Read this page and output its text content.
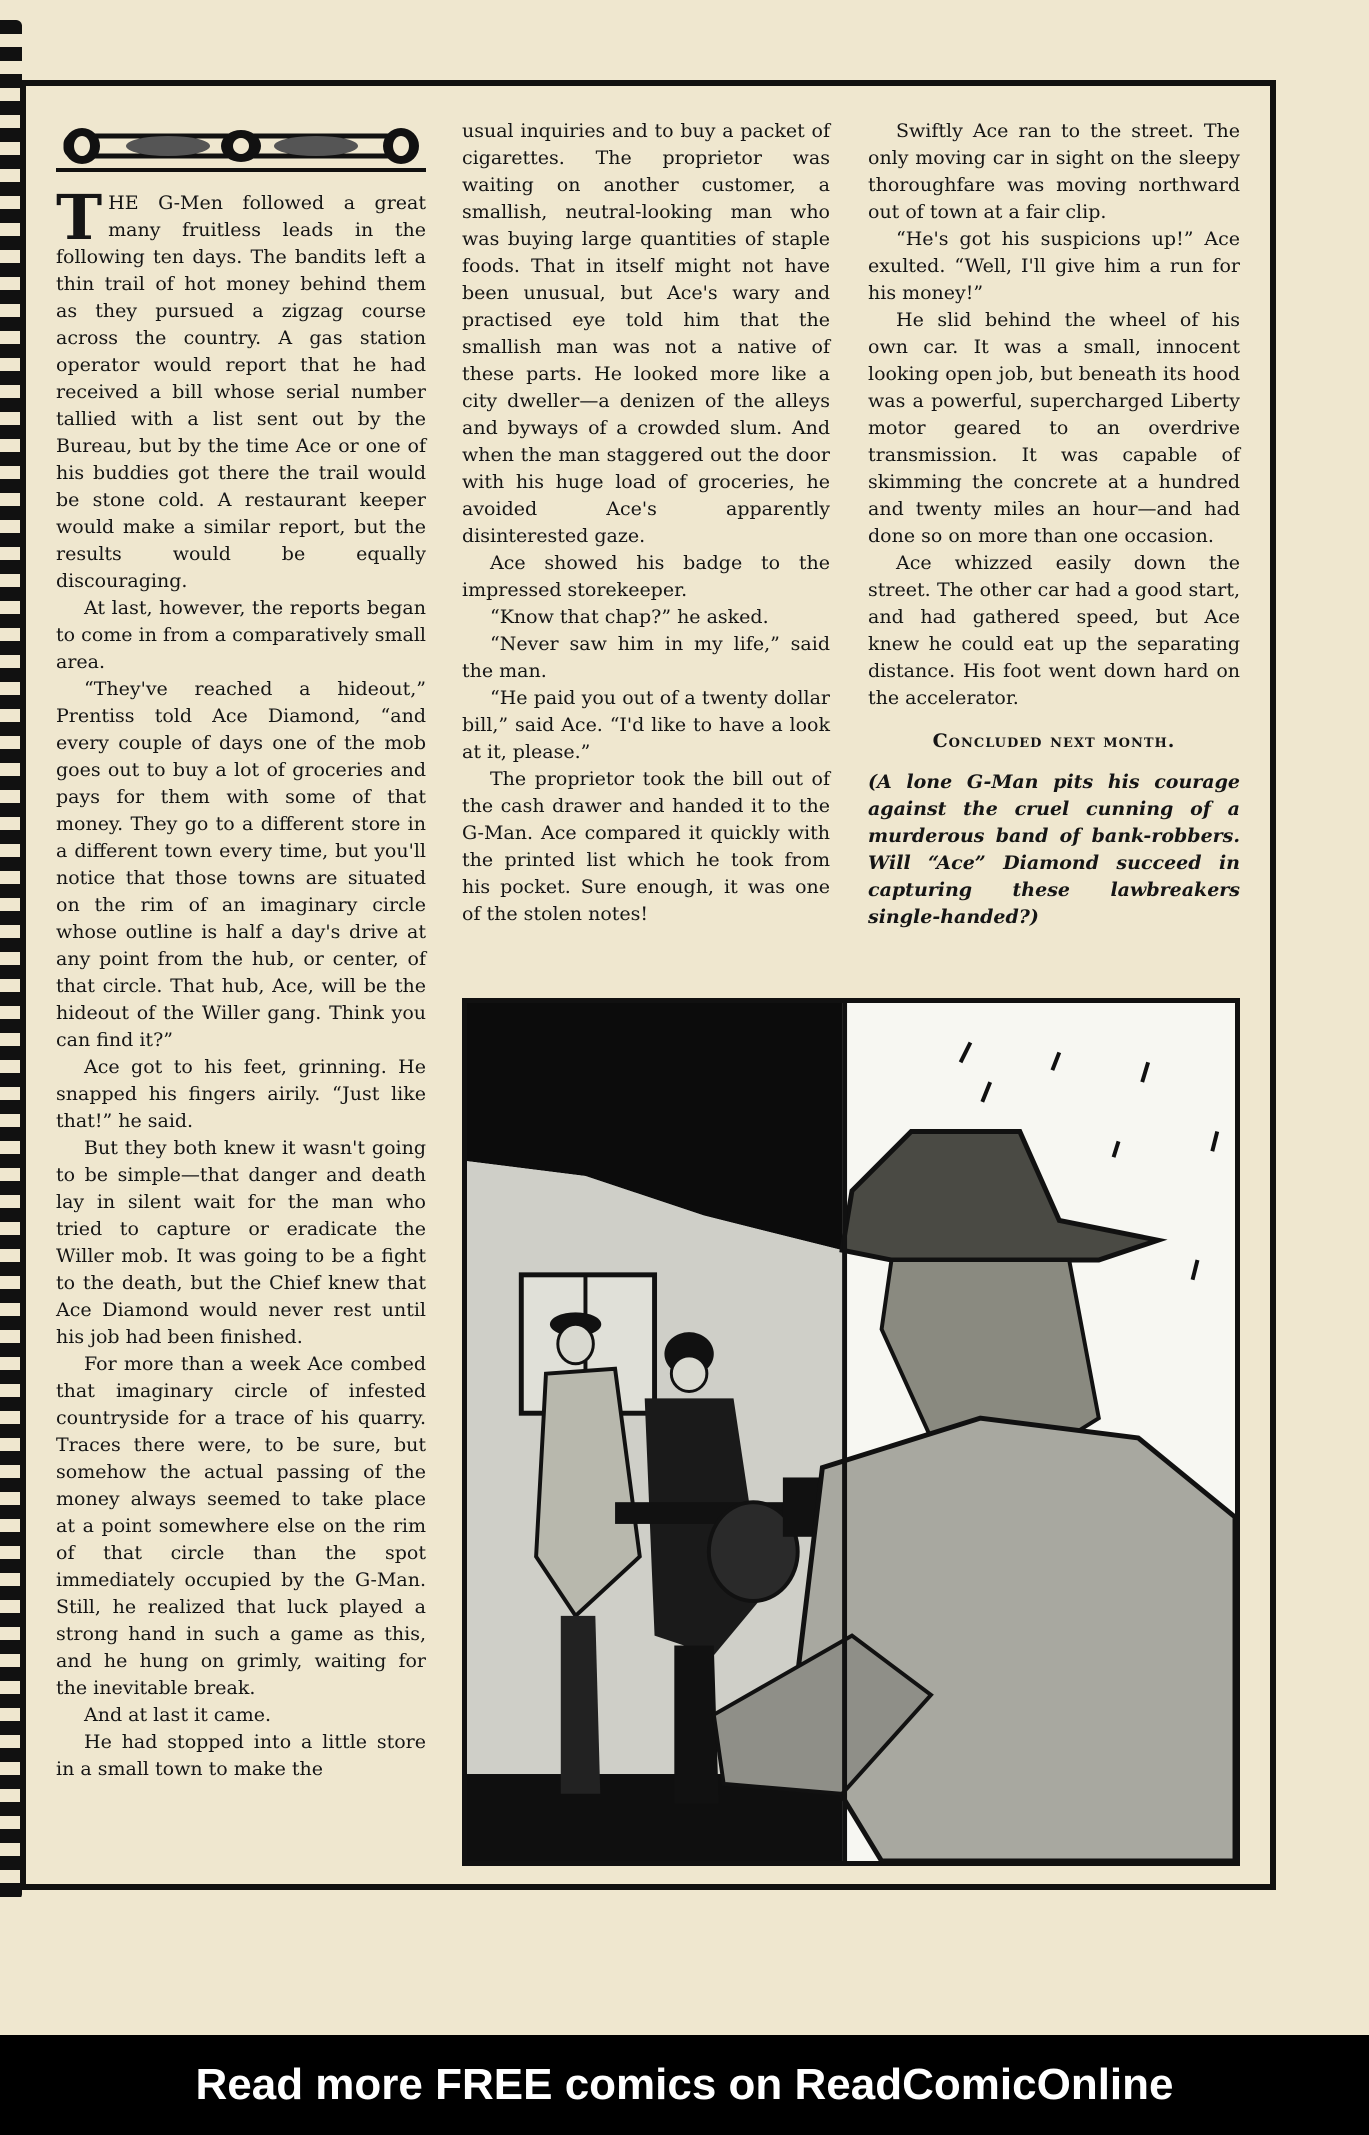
THE G-Men followed a great many fruitless leads in the following ten days. The bandits left a thin trail of hot money behind them as they pursued a zigzag course across the country. A gas station operator would report that he had received a bill whose serial number tallied with a list sent out by the Bureau, but by the time Ace or one of his buddies got there the trail would be stone cold. A restaurant keeper would make a similar report, but the results would be equally discouraging.

At last, however, the reports began to come in from a comparatively small area.

“They've reached a hideout,” Prentiss told Ace Diamond, “and every couple of days one of the mob goes out to buy a lot of groceries and pays for them with some of that money. They go to a different store in a different town every time, but you'll notice that those towns are situated on the rim of an imaginary circle whose outline is half a day's drive at any point from the hub, or center, of that circle. That hub, Ace, will be the hideout of the Willer gang. Think you can find it?”

Ace got to his feet, grinning. He snapped his fingers airily. “Just like that!” he said.

But they both knew it wasn't going to be simple—that danger and death lay in silent wait for the man who tried to capture or eradicate the Willer mob. It was going to be a fight to the death, but the Chief knew that Ace Diamond would never rest until his job had been finished.

For more than a week Ace combed that imaginary circle of infested countryside for a trace of his quarry. Traces there were, to be sure, but somehow the actual passing of the money always seemed to take place at a point somewhere else on the rim of that circle than the spot immediately occupied by the G-Man. Still, he realized that luck played a strong hand in such a game as this, and he hung on grimly, waiting for the inevitable break.

And at last it came.

He had stopped into a little store in a small town to make the

usual inquiries and to buy a packet of cigarettes. The proprietor was waiting on another customer, a smallish, neutral-looking man who was buying large quantities of staple foods. That in itself might not have been unusual, but Ace's wary and practised eye told him that the smallish man was not a native of these parts. He looked more like a city dweller—a denizen of the alleys and byways of a crowded slum. And when the man staggered out the door with his huge load of groceries, he avoided Ace's apparently disinterested gaze.

Ace showed his badge to the impressed storekeeper.

“Know that chap?” he asked.

“Never saw him in my life,” said the man.

“He paid you out of a twenty dollar bill,” said Ace. “I'd like to have a look at it, please.”

The proprietor took the bill out of the cash drawer and handed it to the G-Man. Ace compared it quickly with the printed list which he took from his pocket. Sure enough, it was one of the stolen notes!

Swiftly Ace ran to the street. The only moving car in sight on the sleepy thoroughfare was moving northward out of town at a fair clip.

“He's got his suspicions up!” Ace exulted. “Well, I'll give him a run for his money!”

He slid behind the wheel of his own car. It was a small, innocent looking open job, but beneath its hood was a powerful, supercharged Liberty motor geared to an overdrive transmission. It was capable of skimming the concrete at a hundred and twenty miles an hour—and had done so on more than one occasion.

Ace whizzed easily down the street. The other car had a good start, and had gathered speed, but Ace knew he could eat up the separating distance. His foot went down hard on the accelerator.

Concluded next month.

(A lone G-Man pits his courage against the cruel cunning of a murderous band of bank-robbers. Will “Ace” Diamond succeed in capturing these lawbreakers single-handed?)

Read more FREE comics on ReadComicOnline
